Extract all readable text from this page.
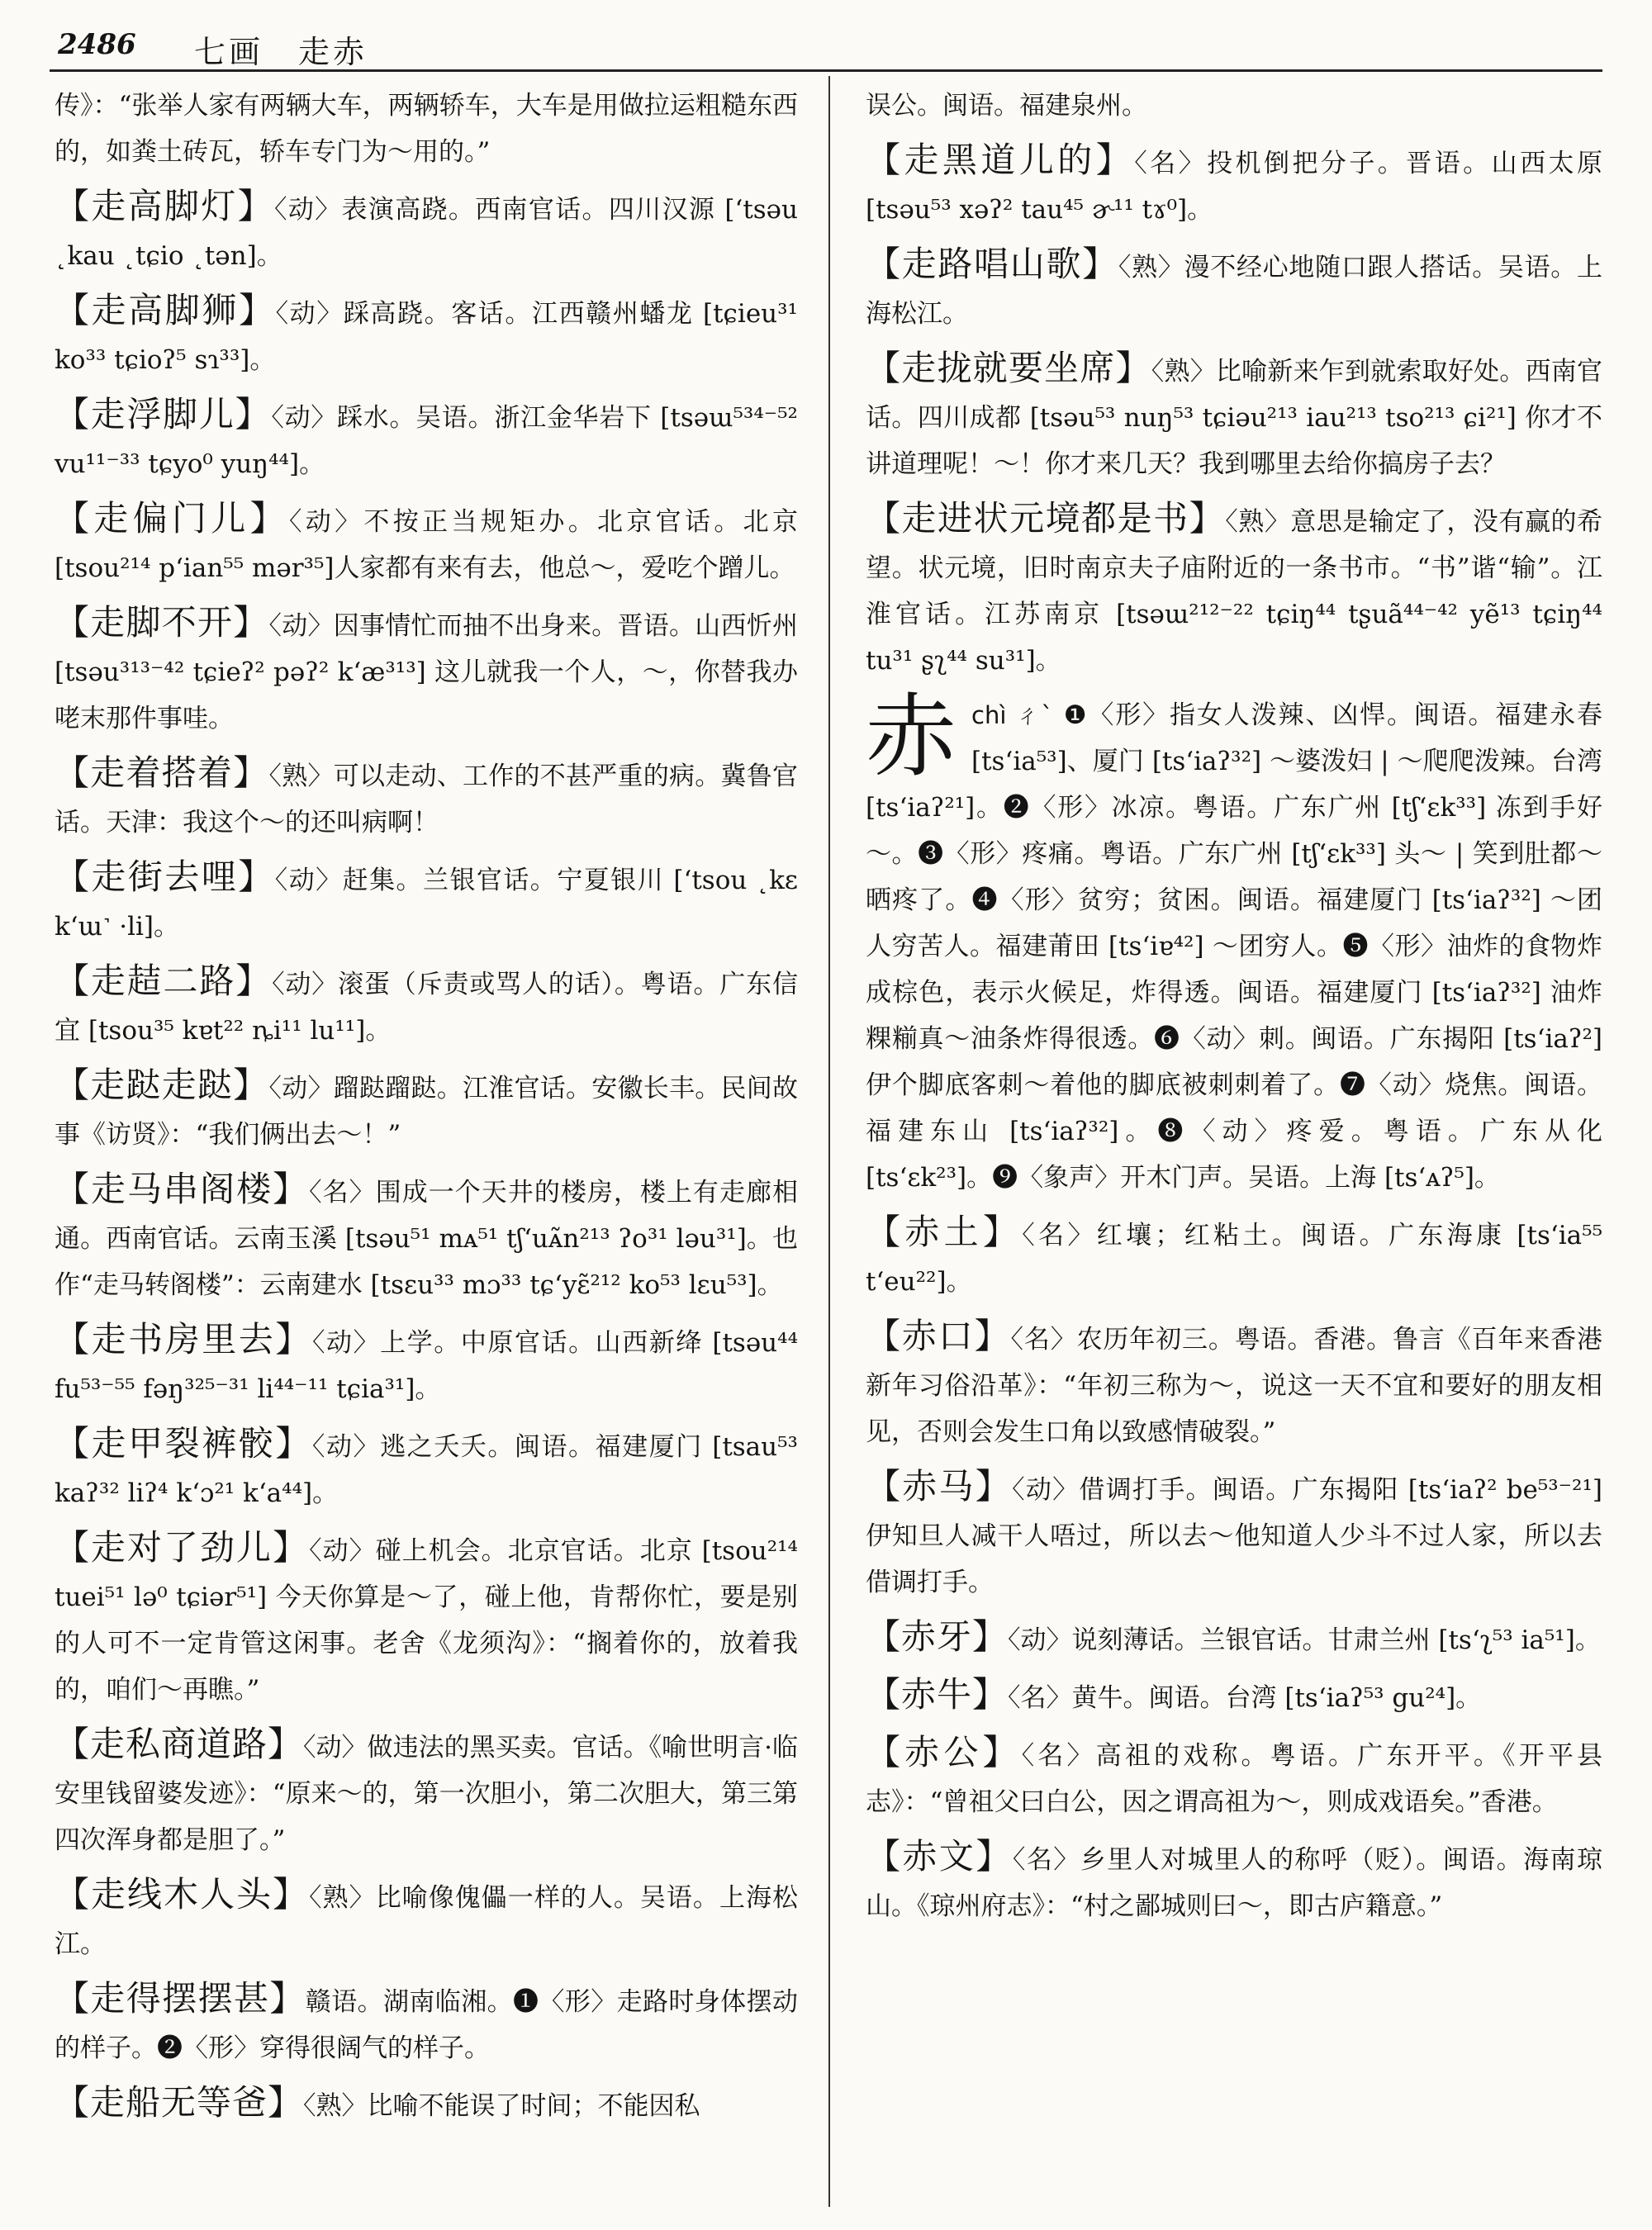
2486 七画　走赤
传》：“张举人家有两辆大车，两辆轿车，大车是用做拉运粗糙东西的，如粪土砖瓦，轿车专门为～用的。”
【走高脚灯】〈动〉表演高跷。西南官话。四川汉源 [ʻtsəu ˛kau ˛tɕio ˛tən]。
【走高脚狮】〈动〉踩高跷。客话。江西赣州蟠龙 [tɕieu³¹ ko³³ tɕioʔ⁵ sɿ³³]。
【走浮脚儿】〈动〉踩水。吴语。浙江金华岩下 [tsəɯ⁵³⁴⁻⁵² vu¹¹⁻³³ tɕyo⁰ yuŋ⁴⁴]。
【走偏门儿】〈动〉不按正当规矩办。北京官话。北京 [tsou²¹⁴ pʻian⁵⁵ mər³⁵]人家都有来有去，他总～，爱吃个蹭儿。
【走脚不开】〈动〉因事情忙而抽不出身来。晋语。山西忻州 [tsəu³¹³⁻⁴² tɕieʔ² pəʔ² kʻæ³¹³] 这儿就我一个人，～，你替我办咾末那件事哇。
【走着搭着】〈熟〉可以走动、工作的不甚严重的病。冀鲁官话。天津：我这个～的还叫病啊！
【走街去哩】〈动〉赶集。兰银官话。宁夏银川 [ʻtsou ˛kɛ kʻɯ˺ ·li]。
【走趌二路】〈动〉滚蛋（斥责或骂人的话）。粤语。广东信宜 [tsou³⁵ kɐt²² ȵi¹¹ lu¹¹]。
【走跶走跶】〈动〉蹓跶蹓跶。江淮官话。安徽长丰。民间故事《访贤》：“我们俩出去～！”
【走马串阁楼】〈名〉围成一个天井的楼房，楼上有走廊相通。西南官话。云南玉溪 [tsəu⁵¹ mᴀ⁵¹ tʃʻuᴀ̃n²¹³ ʔo³¹ ləu³¹]。也作“走马转阁楼”：云南建水 [tsɛu³³ mɔ³³ tɕʻyɛ̃²¹² ko⁵³ lɛu⁵³]。
【走书房里去】〈动〉上学。中原官话。山西新绛 [tsəu⁴⁴ fu⁵³⁻⁵⁵ fəŋ³²⁵⁻³¹ li⁴⁴⁻¹¹ tɕia³¹]。
【走甲裂裤骹】〈动〉逃之夭夭。闽语。福建厦门 [tsau⁵³ kaʔ³² liʔ⁴ kʻɔ²¹ kʻa⁴⁴]。
【走对了劲儿】〈动〉碰上机会。北京官话。北京 [tsou²¹⁴ tuei⁵¹ lə⁰ tɕiər⁵¹] 今天你算是～了，碰上他，肯帮你忙，要是别的人可不一定肯管这闲事。老舍《龙须沟》：“搁着你的，放着我的，咱们～再瞧。”
【走私商道路】〈动〉做违法的黑买卖。官话。《喻世明言·临安里钱留婆发迹》：“原来～的，第一次胆小，第二次胆大，第三第四次浑身都是胆了。”
【走线木人头】〈熟〉比喻像傀儡一样的人。吴语。上海松江。
【走得摆摆甚】赣语。湖南临湘。❶〈形〉走路时身体摆动的样子。❷〈形〉穿得很阔气的样子。
【走船无等爸】〈熟〉比喻不能误了时间；不能因私
误公。闽语。福建泉州。
【走黑道儿的】〈名〉投机倒把分子。晋语。山西太原 [tsəu⁵³ xəʔ² tau⁴⁵ ɚ¹¹ tɤ⁰]。
【走路唱山歌】〈熟〉漫不经心地随口跟人搭话。吴语。上海松江。
【走拢就要坐席】〈熟〉比喻新来乍到就索取好处。西南官话。四川成都 [tsəu⁵³ nuŋ⁵³ tɕiəu²¹³ iau²¹³ tso²¹³ ɕi²¹] 你才不讲道理呢！～！你才来几天？我到哪里去给你搞房子去？
【走进状元境都是书】〈熟〉意思是输定了，没有赢的希望。状元境，旧时南京夫子庙附近的一条书市。“书”谐“输”。江淮官话。江苏南京 [tsəɯ²¹²⁻²² tɕiŋ⁴⁴ tʂuã⁴⁴⁻⁴² yẽ¹³ tɕiŋ⁴⁴ tu³¹ ʂʅ⁴⁴ su³¹]。
赤chì ㄔˋ ❶〈形〉指女人泼辣、凶悍。闽语。福建永春 [tsʻia⁵³]、厦门 [tsʻiaʔ³²] ～婆泼妇 | ～爬爬泼辣。台湾 [tsʻiaʔ²¹]。❷〈形〉冰凉。粤语。广东广州 [tʃʻɛk³³] 冻到手好～。❸〈形〉疼痛。粤语。广东广州 [tʃʻɛk³³] 头～ | 笑到肚都～晒疼了。❹〈形〉贫穷；贫困。闽语。福建厦门 [tsʻiaʔ³²] ～团人穷苦人。福建莆田 [tsʻiɐ⁴²] ～团穷人。❺〈形〉油炸的食物炸成棕色，表示火候足，炸得透。闽语。福建厦门 [tsʻiaʔ³²] 油炸粿糋真～油条炸得很透。❻〈动〉刺。闽语。广东揭阳 [tsʻiaʔ²] 伊个脚底客刺～着他的脚底被刺刺着了。❼〈动〉烧焦。闽语。福建东山 [tsʻiaʔ³²]。❽〈动〉疼爱。粤语。广东从化 [tsʻɛk²³]。❾〈象声〉开木门声。吴语。上海 [tsʻᴀʔ⁵]。
【赤土】〈名〉红壤；红粘土。闽语。广东海康 [tsʻia⁵⁵ tʻeu²²]。
【赤口】〈名〉农历年初三。粤语。香港。鲁言《百年来香港新年习俗沿革》：“年初三称为～，说这一天不宜和要好的朋友相见，否则会发生口角以致感情破裂。”
【赤马】〈动〉借调打手。闽语。广东揭阳 [tsʻiaʔ² be⁵³⁻²¹] 伊知旦人减干人唔过，所以去～他知道人少斗不过人家，所以去借调打手。
【赤牙】〈动〉说刻薄话。兰银官话。甘肃兰州 [tsʻʅ⁵³ ia⁵¹]。
【赤牛】〈名〉黄牛。闽语。台湾 [tsʻiaʔ⁵³ gu²⁴]。
【赤公】〈名〉高祖的戏称。粤语。广东开平。《开平县志》：“曾祖父曰白公，因之谓高祖为～，则成戏语矣。”香港。
【赤文】〈名〉乡里人对城里人的称呼（贬）。闽语。海南琼山。《琼州府志》：“村之鄙城则曰～，即古庐籍意。”
